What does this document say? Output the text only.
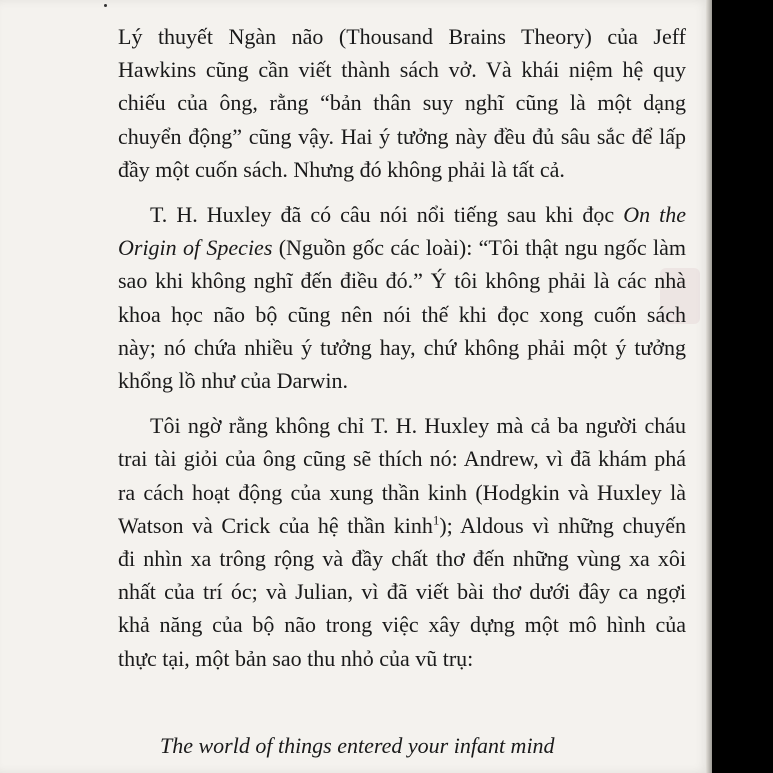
Lý thuyết Ngàn não (Thousand Brains Theory) của Jeff
Hawkins cũng cần viết thành sách vở. Và khái niệm hệ quy
chiếu của ông, rằng “bản thân suy nghĩ cũng là một dạng
chuyển động” cũng vậy. Hai ý tưởng này đều đủ sâu sắc để lấp
đầy một cuốn sách. Nhưng đó không phải là tất cả.
T. H. Huxley đã có câu nói nổi tiếng sau khi đọc On the
Origin of Species (Nguồn gốc các loài): “Tôi thật ngu ngốc làm
sao khi không nghĩ đến điều đó.” Ý tôi không phải là các nhà
khoa học não bộ cũng nên nói thế khi đọc xong cuốn sách
này; nó chứa nhiều ý tưởng hay, chứ không phải một ý tưởng
khổng lồ như của Darwin.
Tôi ngờ rằng không chỉ T. H. Huxley mà cả ba người cháu
trai tài giỏi của ông cũng sẽ thích nó: Andrew, vì đã khám phá
ra cách hoạt động của xung thần kinh (Hodgkin và Huxley là
Watson và Crick của hệ thần kinh$^1$); Aldous vì những chuyến
đi nhìn xa trông rộng và đầy chất thơ đến những vùng xa xôi
nhất của trí óc; và Julian, vì đã viết bài thơ dưới đây ca ngợi
khả năng của bộ não trong việc xây dựng một mô hình của
thực tại, một bản sao thu nhỏ của vũ trụ:
The world of things entered your infant mind
